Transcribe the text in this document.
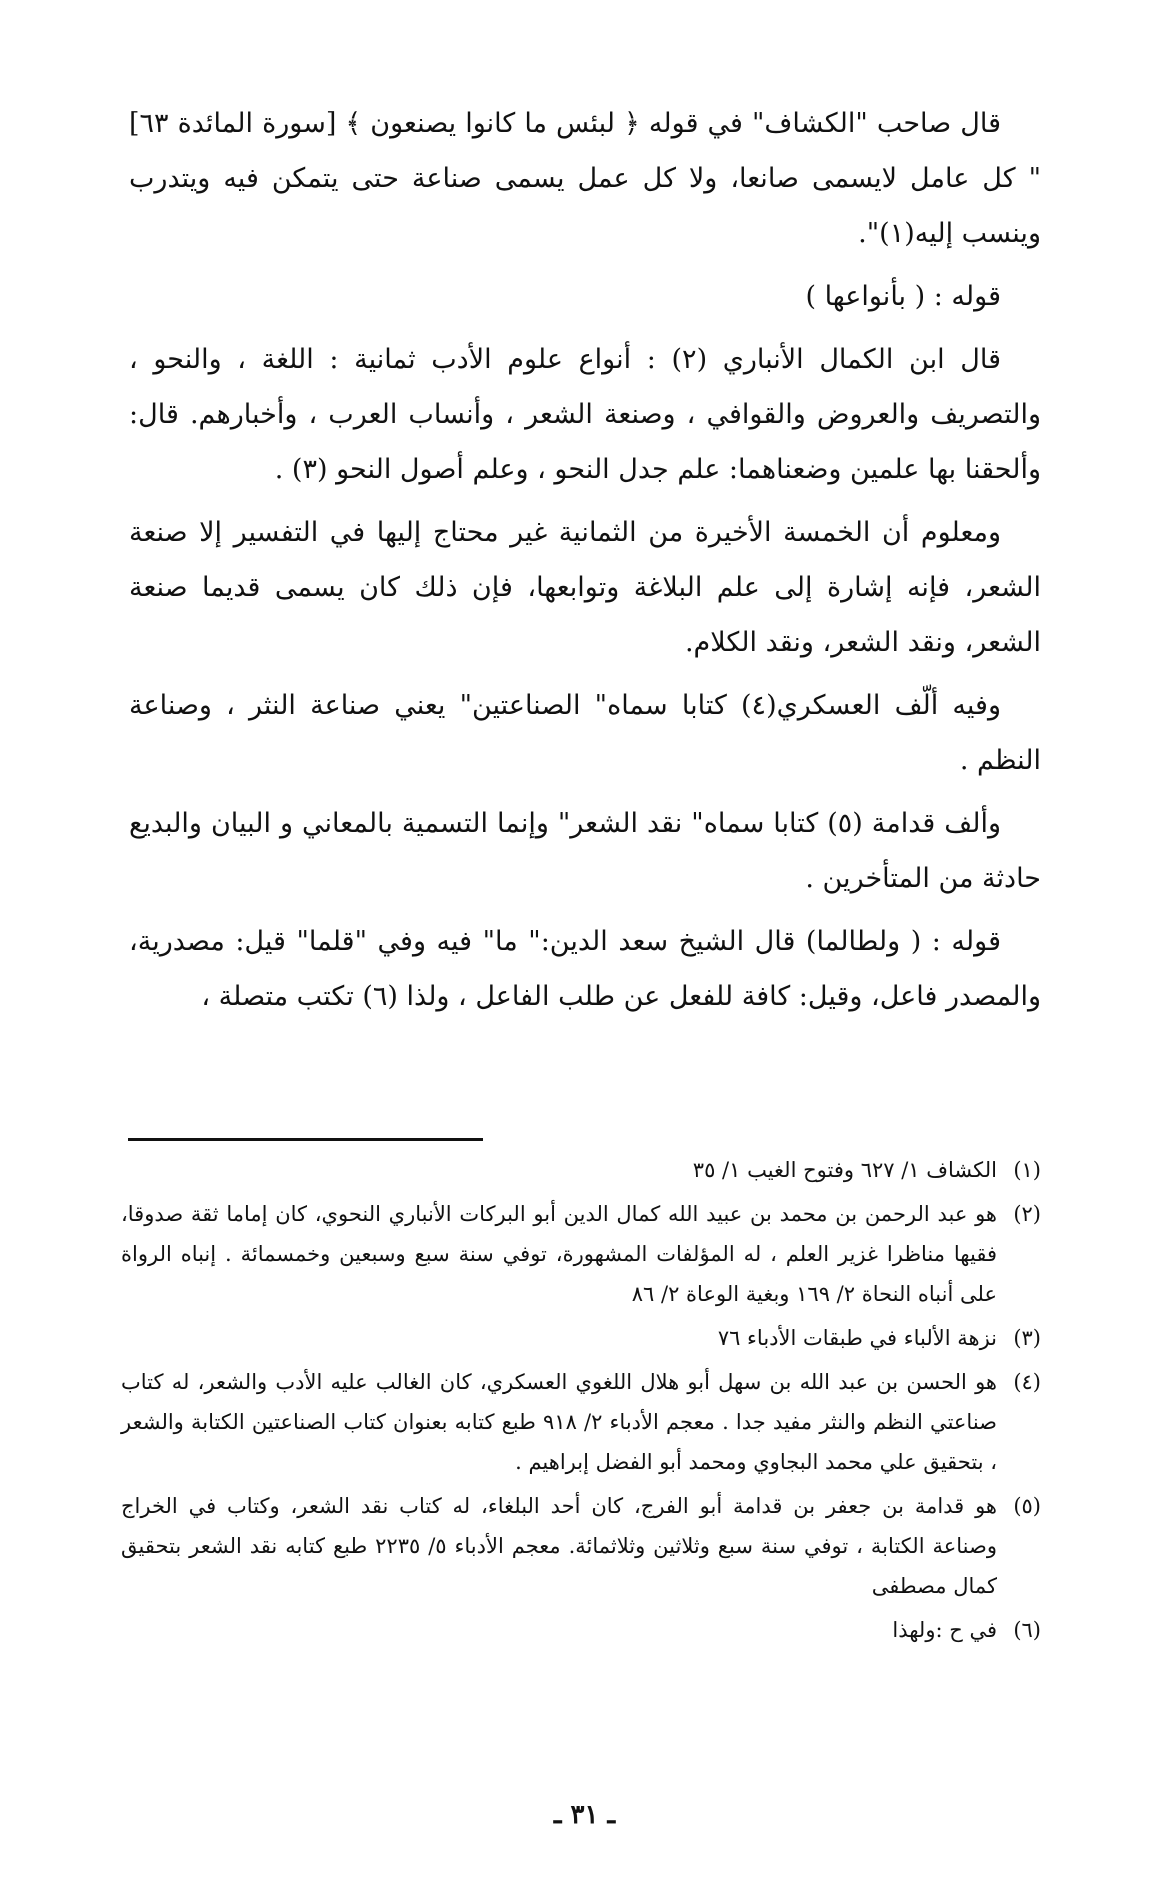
قال صاحب "الكشاف" في قوله ﴿ لبئس ما كانوا يصنعون ﴾ [سورة المائدة ٦٣] " كل عامل لايسمى صانعا، ولا كل عمل يسمى صناعة حتى يتمكن فيه ويتدرب وينسب إليه(١)".

قوله : ( بأنواعها )

قال ابن الكمال الأنباري (٢) : أنواع علوم الأدب ثمانية : اللغة ، والنحو ، والتصريف والعروض والقوافي ، وصنعة الشعر ، وأنساب العرب ، وأخبارهم. قال: وألحقنا بها علمين وضعناهما: علم جدل النحو ، وعلم أصول النحو (٣) .

ومعلوم أن الخمسة الأخيرة من الثمانية غير محتاج إليها في التفسير إلا صنعة الشعر، فإنه إشارة إلى علم البلاغة وتوابعها، فإن ذلك كان يسمى قديما صنعة الشعر، ونقد الشعر، ونقد الكلام.

وفيه ألّف العسكري(٤) كتابا سماه" الصناعتين" يعني صناعة النثر ، وصناعة النظم .

وألف قدامة (٥) كتابا سماه" نقد الشعر" وإنما التسمية بالمعاني و البيان والبديع حادثة من المتأخرين .

قوله : ( ولطالما) قال الشيخ سعد الدين:" ما" فيه وفي "قلما" قيل: مصدرية، والمصدر فاعل، وقيل: كافة للفعل عن طلب الفاعل ، ولذا (٦) تكتب متصلة ،

(١)
الكشاف ١/ ٦٢٧ وفتوح الغيب ١/ ٣٥
(٢)
هو عبد الرحمن بن محمد بن عبيد الله كمال الدين أبو البركات الأنباري النحوي، كان إماما ثقة صدوقا، فقيها مناظرا غزير العلم ، له المؤلفات المشهورة، توفي سنة سبع وسبعين وخمسمائة . إنباه الرواة على أنباه النحاة ٢/ ١٦٩ وبغية الوعاة ٢/ ٨٦
(٣)
نزهة الألباء في طبقات الأدباء ٧٦
(٤)
هو الحسن بن عبد الله بن سهل أبو هلال اللغوي العسكري، كان الغالب عليه الأدب والشعر، له كتاب صناعتي النظم والنثر مفيد جدا . معجم الأدباء ٢/ ٩١٨ طبع كتابه بعنوان كتاب الصناعتين الكتابة والشعر ، بتحقيق علي محمد البجاوي ومحمد أبو الفضل إبراهيم .
(٥)
هو قدامة بن جعفر بن قدامة أبو الفرج، كان أحد البلغاء، له كتاب نقد الشعر، وكتاب في الخراج وصناعة الكتابة ، توفي سنة سبع وثلاثين وثلاثمائة. معجم الأدباء ٥/ ٢٢٣٥ طبع كتابه نقد الشعر بتحقيق كمال مصطفى
(٦)
في ح :ولهذا
ـ ٣١ ـ
